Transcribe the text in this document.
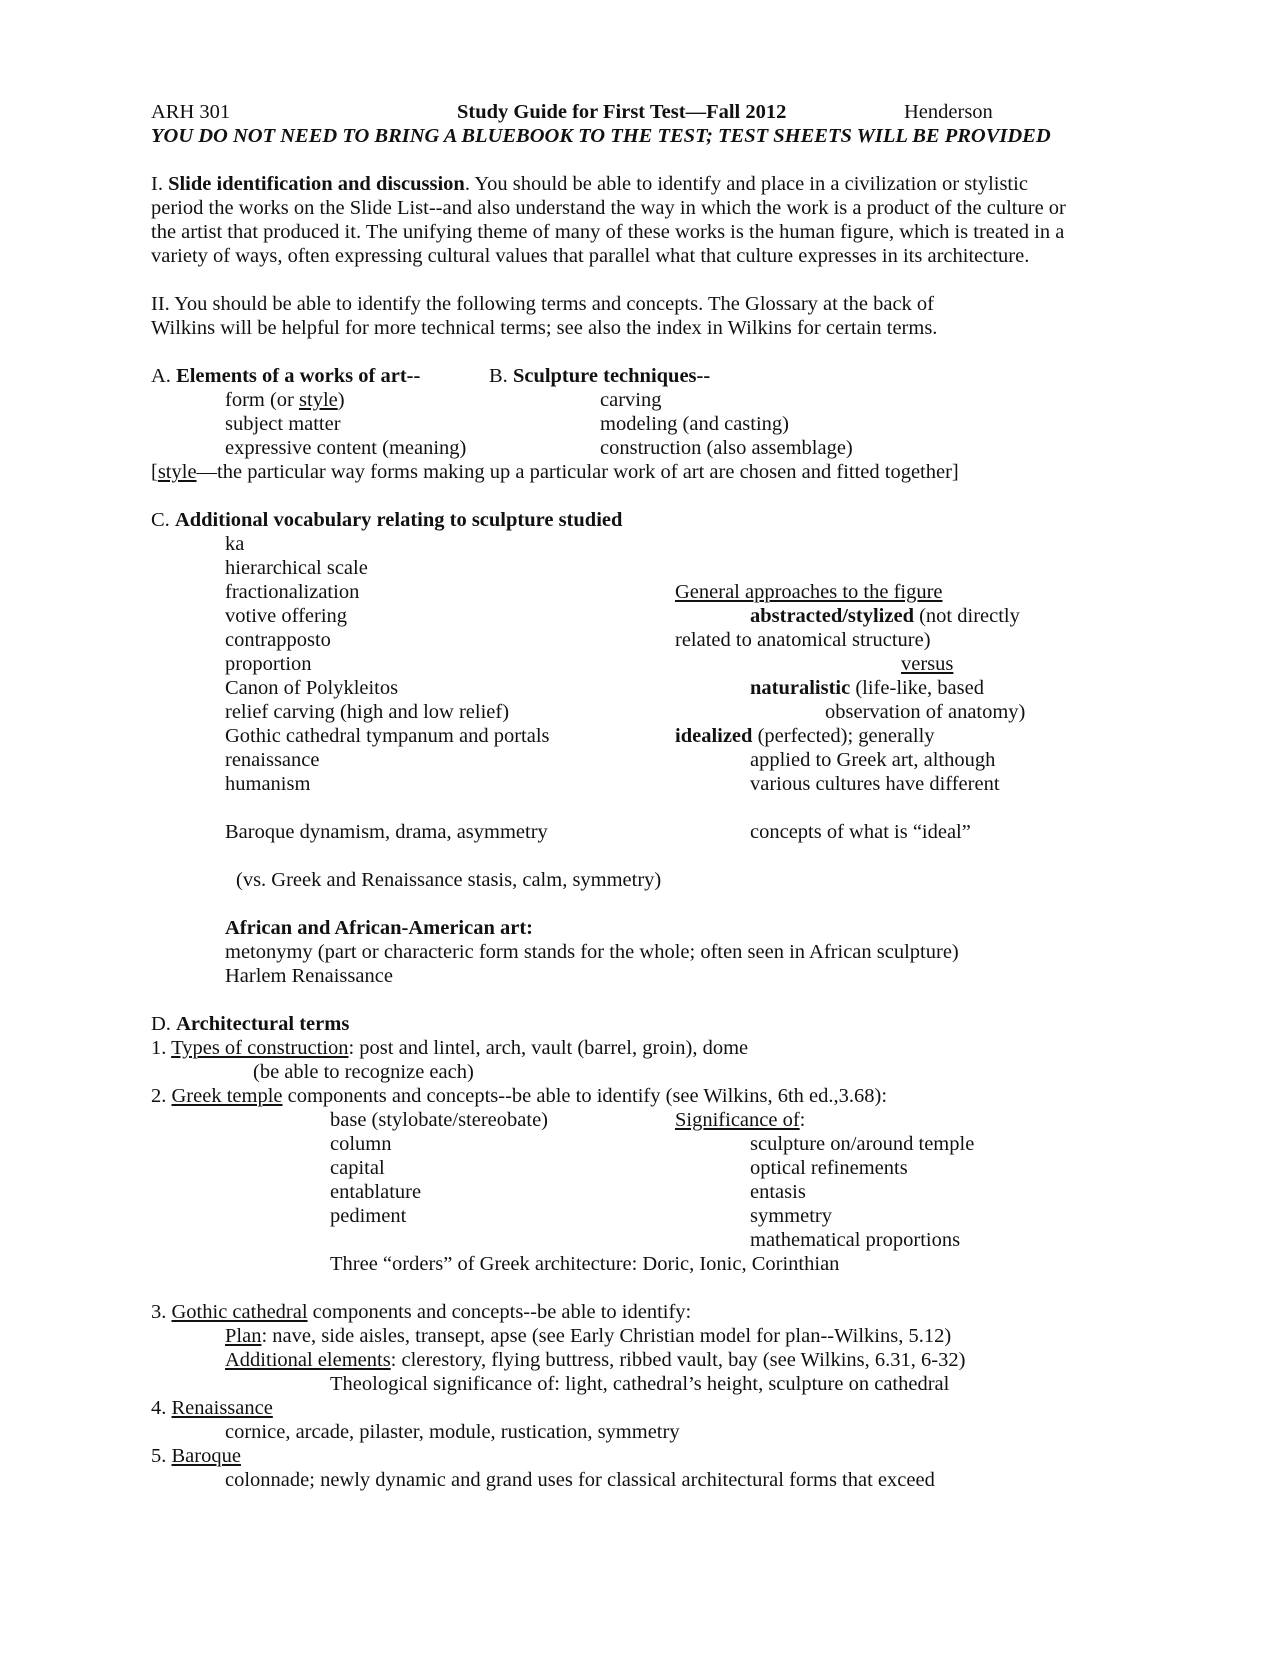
ARH 301	Study Guide for First Test—Fall 2012	Henderson
YOU DO NOT NEED TO BRING A BLUEBOOK TO THE TEST; TEST SHEETS WILL BE PROVIDED
I. Slide identification and discussion. You should be able to identify and place in a civilization or stylistic
period the works on the Slide List--and also understand the way in which the work is a product of the culture or
the artist that produced it. The unifying theme of many of these works is the human figure, which is treated in a
variety of ways, often expressing cultural values that parallel what that culture expresses in its architecture.
II. You should be able to identify the following terms and concepts. The Glossary at the back of
Wilkins will be helpful for more technical terms; see also the index in Wilkins for certain terms.
A. Elements of a works of art--
form (or style)
subject matter
expressive content (meaning)
B. Sculpture techniques--
carving
modeling (and casting)
construction (also assemblage)
[style—the particular way forms making up a particular work of art are chosen and fitted together]
C. Additional vocabulary relating to sculpture studied
ka
hierarchical scale
fractionalization
votive offering
contrapposto
proportion
Canon of Polykleitos
relief carving (high and low relief)
Gothic cathedral tympanum and portals
renaissance
humanism
Baroque dynamism, drama, asymmetry
(vs. Greek and Renaissance stasis, calm, symmetry)
African and African-American art:
metonymy (part or characteric form stands for the whole; often seen in African sculpture)
Harlem Renaissance
General approaches to the figure
abstracted/stylized (not directly
related to anatomical structure)
versus
naturalistic (life-like, based
observation of anatomy)
idealized (perfected); generally
applied to Greek art, although
various cultures have different
concepts of what is “ideal”
D. Architectural terms
1. Types of construction: post and lintel, arch, vault (barrel, groin), dome
(be able to recognize each)
2. Greek temple components and concepts--be able to identify (see Wilkins, 6th ed.,3.68):
base (stylobate/stereobate)
column
capital
entablature
pediment
Significance of:
sculpture on/around temple
optical refinements
entasis
symmetry
mathematical proportions
Three “orders” of Greek architecture: Doric, Ionic, Corinthian
3. Gothic cathedral components and concepts--be able to identify:
Plan: nave, side aisles, transept, apse (see Early Christian model for plan--Wilkins, 5.12)
Additional elements: clerestory, flying buttress, ribbed vault, bay (see Wilkins, 6.31, 6-32)
Theological significance of: light, cathedral’s height, sculpture on cathedral
4. Renaissance
cornice, arcade, pilaster, module, rustication, symmetry
5. Baroque
colonnade; newly dynamic and grand uses for classical architectural forms that exceed
